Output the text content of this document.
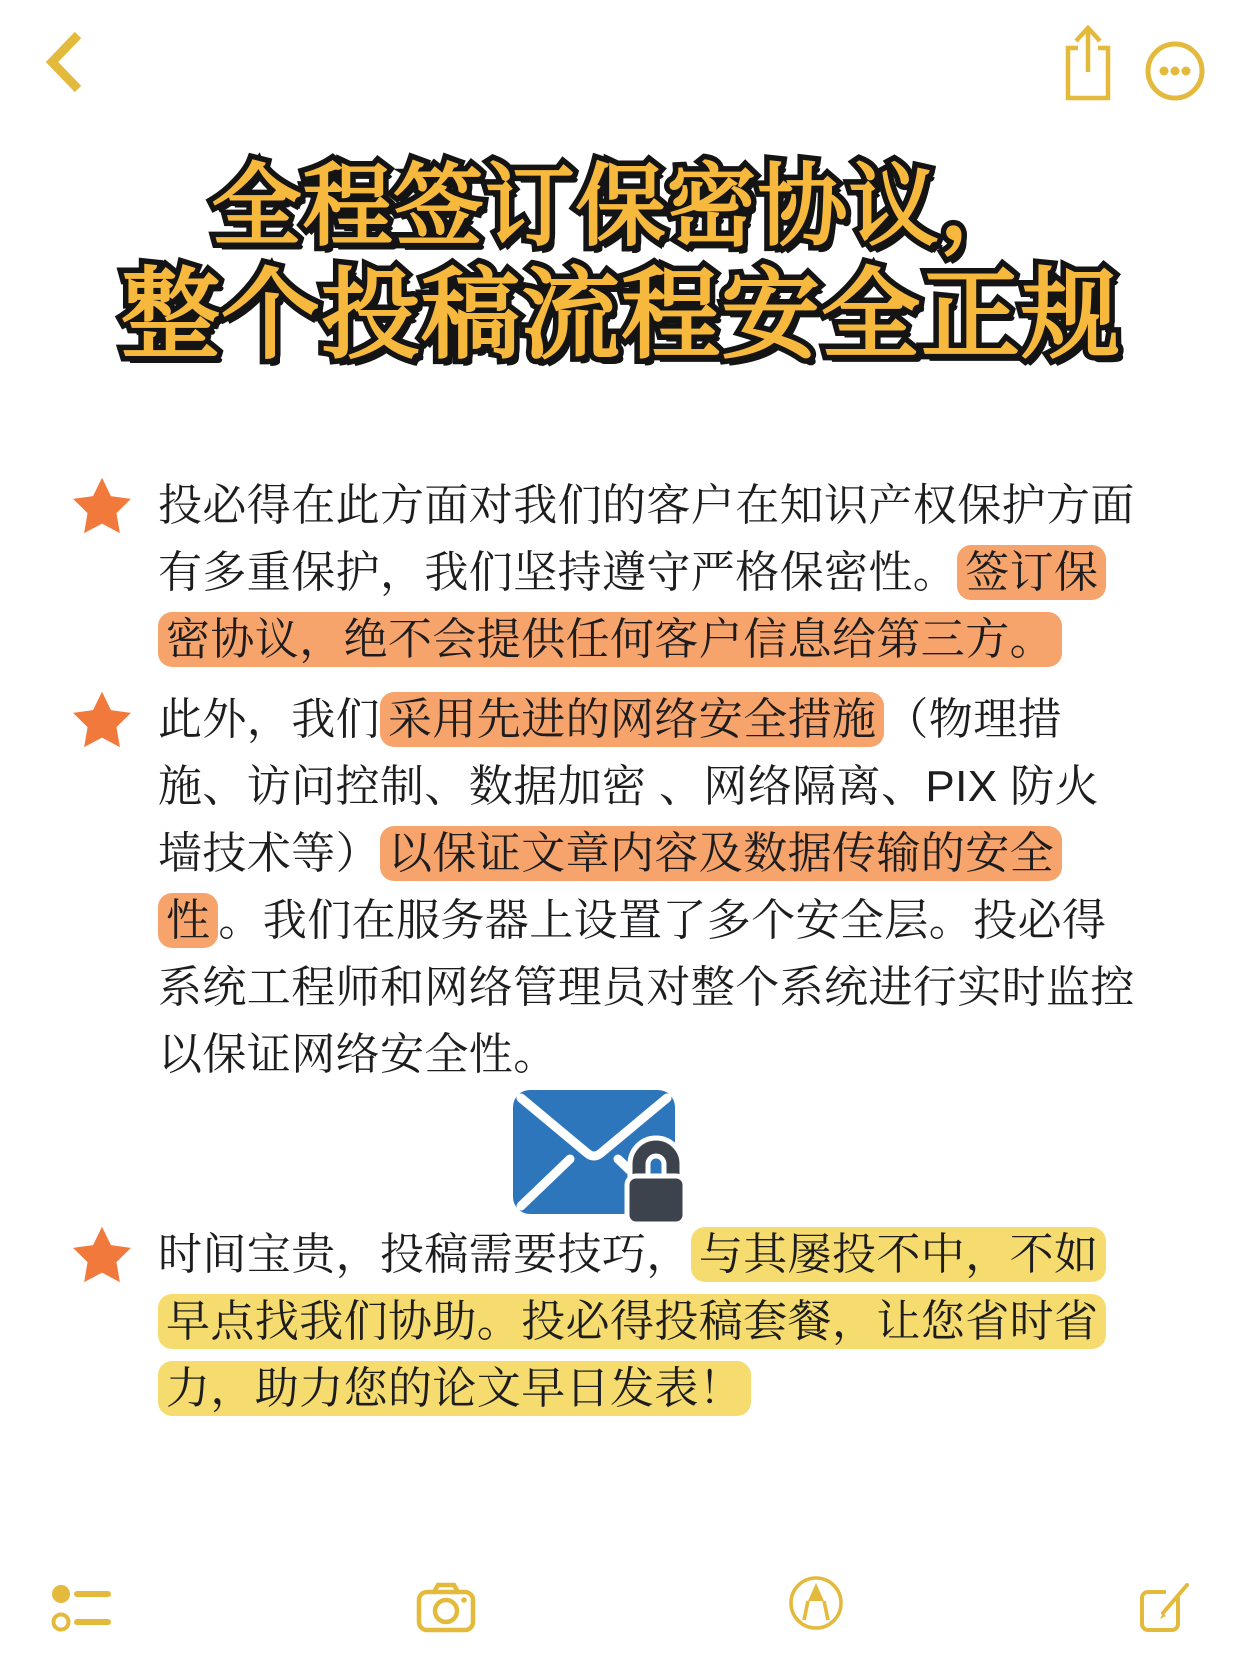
全程签订保密协议，
整个投稿流程安全正规

投必得在此方面对我们的客户在知识产权保护方面有多重保护，我们坚持遵守严格保密性。 签订保密协议，绝不会提供任何客户信息给第三方。

此外，我们 采用先进的网络安全措施 （物理措施、访问控制、数据加密 、网络隔离、PIX 防火墙技术等） 以保证文章内容及数据传输的安全性 。我们在服务器上设置了多个安全层。投必得系统工程师和网络管理员对整个系统进行实时监控以保证网络安全性。

时间宝贵，投稿需要技巧， 与其屡投不中，不如早点找我们协助。投必得投稿套餐，让您省时省力，助力您的论文早日发表！
